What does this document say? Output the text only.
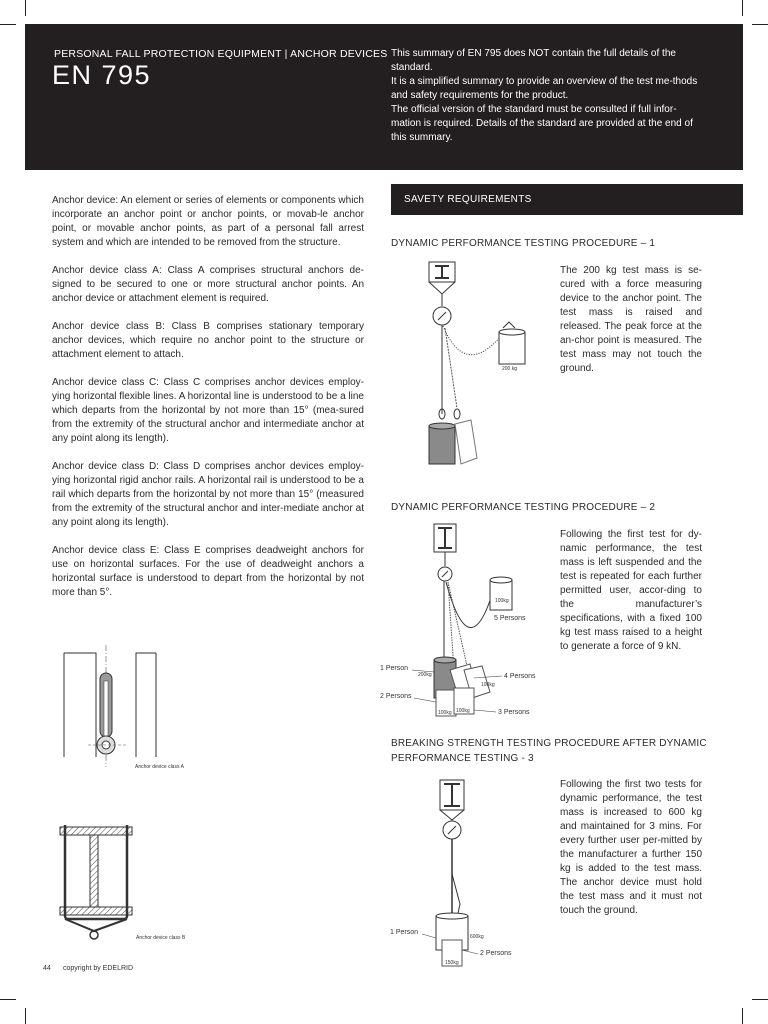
PERSONAL FALL PROTECTION EQUIPMENT | ANCHOR DEVICES
EN 795

This summary of EN 795 does NOT contain the full details of the standard.

It is a simplified summary to provide an overview of the test me-thods and safety requirements for the product.

The official version of the standard must be consulted if full infor-mation is required. Details of the standard are provided at the end of this summary.

Anchor device: An element or series of elements or components which incorporate an anchor point or anchor points, or movab-le anchor point, or movable anchor points, as part of a personal fall arrest system and which are intended to be removed from the structure.

Anchor device class A: Class A comprises structural anchors de-signed to be secured to one or more structural anchor points. An anchor device or attachment element is required.

Anchor device class B: Class B comprises stationary temporary anchor devices, which require no anchor point to the structure or attachment element to attach.

Anchor device class C: Class C comprises anchor devices employ-ying horizontal flexible lines. A horizontal line is understood to be a line which departs from the horizontal by not more than 15° (mea-sured from the extremity of the structural anchor and intermediate anchor at any point along its length).

Anchor device class D: Class D comprises anchor devices employ-ying horizontal rigid anchor rails. A horizontal rail is understood to be a rail which departs from the horizontal by not more than 15° (measured from the extremity of the structural anchor and inter-mediate anchor at any point along its length).

Anchor device class E: Class E comprises deadweight anchors for use on horizontal surfaces. For the use of deadweight anchors a horizontal surface is understood to depart from the horizontal by not more than 5°.

Anchor device class A
Anchor device class B
SAVETY REQUIREMENTS
DYNAMIC PERFORMANCE TESTING PROCEDURE – 1
The 200 kg test mass is se-cured with a force measuring device to the anchor point. The test mass is raised and released. The peak force at the an-chor point is measured. The test mass may not touch the ground.
200 kg
DYNAMIC PERFORMANCE TESTING PROCEDURE – 2
Following the first test for dy-namic performance, the test mass is left suspended and the test is repeated for each further permitted user, accor-ding to the manufacturer’s specifications, with a fixed 100 kg test mass raised to a height to generate a force of 9 kN.
100kg
5 Persons
1 Person
200kg	4 Persons
100kg
2 Persons
100kg 100kg	3 Persons
BREAKING STRENGTH TESTING PROCEDURE AFTER DYNAMIC PERFORMANCE TESTING - 3
Following the first two tests for dynamic performance, the test mass is increased to 600 kg and maintained for 3 mins. For every further user per-mitted by the manufacturer a further 150 kg is added to the test mass. The anchor device must hold the test mass and it must not touch the ground.
1 Person
600kg
2 Persons
150kg
44 copyright by EDELRID
